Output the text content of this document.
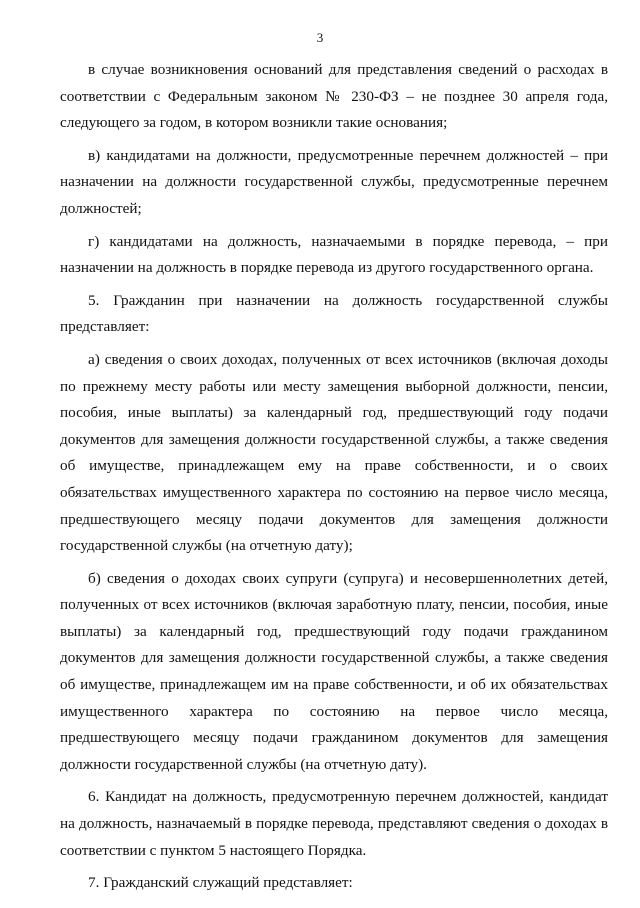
3

в случае возникновения оснований для представления сведений о расходах в соответствии с Федеральным законом № 230-ФЗ – не позднее 30 апреля года, следующего за годом, в котором возникли такие основания;

в) кандидатами на должности, предусмотренные перечнем должностей – при назначении на должности государственной службы, предусмотренные перечнем должностей;

г) кандидатами на должность, назначаемыми в порядке перевода, – при назначении на должность в порядке перевода из другого государственного органа.

5. Гражданин при назначении на должность государственной службы представляет:

а) сведения о своих доходах, полученных от всех источников (включая доходы по прежнему месту работы или месту замещения выборной должности, пенсии, пособия, иные выплаты) за календарный год, предшествующий году подачи документов для замещения должности государственной службы, а также сведения об имуществе, принадлежащем ему на праве собственности, и о своих обязательствах имущественного характера по состоянию на первое число месяца, предшествующего месяцу подачи документов для замещения должности государственной службы (на отчетную дату);

б) сведения о доходах своих супруги (супруга) и несовершеннолетних детей, полученных от всех источников (включая заработную плату, пенсии, пособия, иные выплаты) за календарный год, предшествующий году подачи гражданином документов для замещения должности государственной службы, а также сведения об имуществе, принадлежащем им на праве собственности, и об их обязательствах имущественного характера по состоянию на первое число месяца, предшествующего месяцу подачи гражданином документов для замещения должности государственной службы (на отчетную дату).

6. Кандидат на должность, предусмотренную перечнем должностей, кандидат на должность, назначаемый в порядке перевода, представляют сведения о доходах в соответствии с пунктом 5 настоящего Порядка.

7. Гражданский служащий представляет:
